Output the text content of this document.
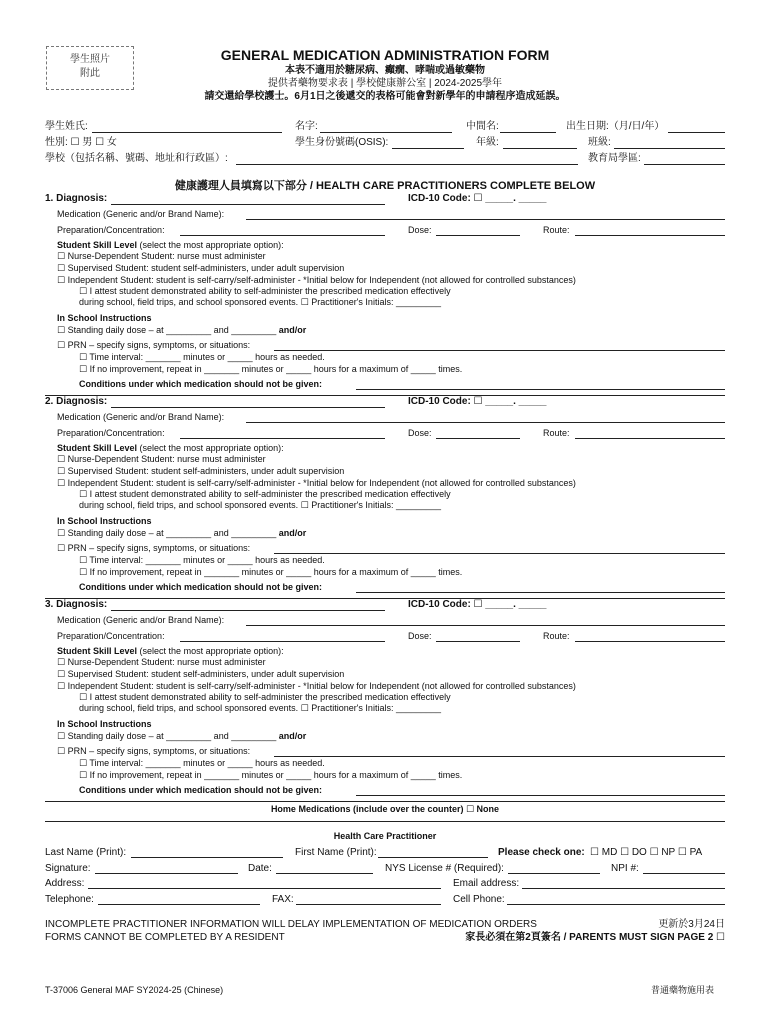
學生照片
附此
GENERAL MEDICATION ADMINISTRATION FORM
本表不適用於糖尿病、癲癇、哮喘或過敏藥物
提供者藥物要求表 | 學校健康辦公室 | 2024-2025學年
請交還給學校護士。6月1日之後遞交的表格可能會對新學年的申請程序造成延誤。
學生姓氏:	名字:	中間名:	出生日期:（月/日/年）
性別: ☐ 男 ☐ 女	學生身份號碼(OSIS):	年級:	班級:
學校（包括名稱、號碼、地址和行政區）:	教育局學區:
健康護理人員填寫以下部分 / HEALTH CARE PRACTITIONERS COMPLETE BELOW
1. Diagnosis:	ICD-10 Code: ☐ _____. _____
Medication (Generic and/or Brand Name):
Preparation/Concentration:	Dose:	Route:
Student Skill Level (select the most appropriate option):
☐ Nurse-Dependent Student: nurse must administer
☐ Supervised Student: student self-administers, under adult supervision
☐ Independent Student: student is self-carry/self-administer - *Initial below for Independent (not allowed for controlled substances)
☐ I attest student demonstrated ability to self-administer the prescribed medication effectively
during school, field trips, and school sponsored events. ☐ Practitioner's Initials: _________
In School Instructions
☐ Standing daily dose – at _________ and _________ and/or
☐ PRN – specify signs, symptoms, or situations:
☐ Time interval: _______ minutes or _____ hours as needed.
☐ If no improvement, repeat in _______ minutes or _____ hours for a maximum of _____ times.
Conditions under which medication should not be given:
2. Diagnosis:	ICD-10 Code: ☐ _____. _____
Medication (Generic and/or Brand Name):
Preparation/Concentration:	Dose:	Route:
Student Skill Level (select the most appropriate option):
☐ Nurse-Dependent Student: nurse must administer
☐ Supervised Student: student self-administers, under adult supervision
☐ Independent Student: student is self-carry/self-administer - *Initial below for Independent (not allowed for controlled substances)
☐ I attest student demonstrated ability to self-administer the prescribed medication effectively
during school, field trips, and school sponsored events. ☐ Practitioner's Initials: _________
In School Instructions
☐ Standing daily dose – at _________ and _________ and/or
☐ PRN – specify signs, symptoms, or situations:
☐ Time interval: _______ minutes or _____ hours as needed.
☐ If no improvement, repeat in _______ minutes or _____ hours for a maximum of _____ times.
Conditions under which medication should not be given:
3. Diagnosis:	ICD-10 Code: ☐ _____. _____
Medication (Generic and/or Brand Name):
Preparation/Concentration:	Dose:	Route:
Student Skill Level (select the most appropriate option):
☐ Nurse-Dependent Student: nurse must administer
☐ Supervised Student: student self-administers, under adult supervision
☐ Independent Student: student is self-carry/self-administer - *Initial below for Independent (not allowed for controlled substances)
☐ I attest student demonstrated ability to self-administer the prescribed medication effectively
during school, field trips, and school sponsored events. ☐ Practitioner's Initials: _________
In School Instructions
☐ Standing daily dose – at _________ and _________ and/or
☐ PRN – specify signs, symptoms, or situations:
☐ Time interval: _______ minutes or _____ hours as needed.
☐ If no improvement, repeat in _______ minutes or _____ hours for a maximum of _____ times.
Conditions under which medication should not be given:
Home Medications (include over the counter) ☐ None
Health Care Practitioner
Last Name (Print):	First Name (Print):	Please check one: ☐ MD ☐ DO ☐ NP ☐ PA
Signature:	Date:	NYS License # (Required):	NPI #:
Address:	Email address:
Telephone:	FAX:	Cell Phone:
INCOMPLETE PRACTITIONER INFORMATION WILL DELAY IMPLEMENTATION OF MEDICATION ORDERS
FORMS CANNOT BE COMPLETED BY A RESIDENT
更新於3月24日
家長必須在第2頁簽名 / PARENTS MUST SIGN PAGE 2 ☐
T-37006 General MAF SY2024-25 (Chinese)	普通藥物施用表
